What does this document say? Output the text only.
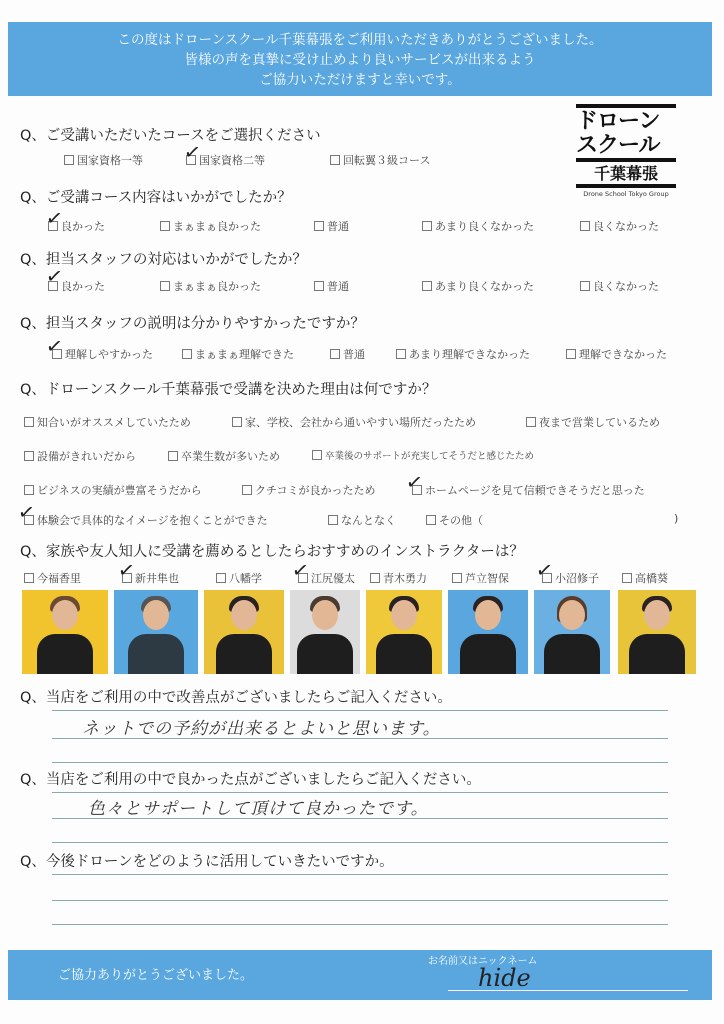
この度はドローンスクール千葉幕張をご利用いただきありがとうございました。
皆様の声を真摯に受け止めより良いサービスが出来るよう
ご協力いただけますと幸いです。
ドローン
スクール
千葉幕張
Drone School Tokyo Group
Q、ご受講いただいたコースをご選択ください
国家資格一等	国家資格二等	回転翼３級コース
✓
Q、ご受講コース内容はいかがでしたか？
良かった	まぁまぁ良かった	普通	あまり良くなかった	良くなかった
✓
Q、担当スタッフの対応はいかがでしたか？
良かった	まぁまぁ良かった	普通	あまり良くなかった	良くなかった
✓
Q、担当スタッフの説明は分かりやすかったですか？
理解しやすかった	まぁまぁ理解できた	普通	あまり理解できなかった	理解できなかった
✓
Q、ドローンスクール千葉幕張で受講を決めた理由は何ですか？
知合いがオススメしていたため	家、学校、会社から通いやすい場所だったため	夜まで営業しているため
設備がきれいだから	卒業生数が多いため	卒業後のサポートが充実してそうだと感じたため
ビジネスの実績が豊富そうだから	クチコミが良かったため	ホームページを見て信頼できそうだと思った
体験会で具体的なイメージを抱くことができた	なんとなく	その他（	)
✓
✓
Q、家族や友人知人に受講を薦めるとしたらおすすめのインストラクターは？
今福香里	新井隼也	八幡学	江尻優太	青木勇力	芦立智保	小沼修子	高橋葵
✓	✓	✓
Q、当店をご利用の中で改善点がございましたらご記入ください。
ネットでの予約が出来るとよいと思います。
Q、当店をご利用の中で良かった点がございましたらご記入ください。
色々とサポートして頂けて良かったです。
Q、今後ドローンをどのように活用していきたいですか。
ご協力ありがとうございました。
お名前又はニックネーム
hide
